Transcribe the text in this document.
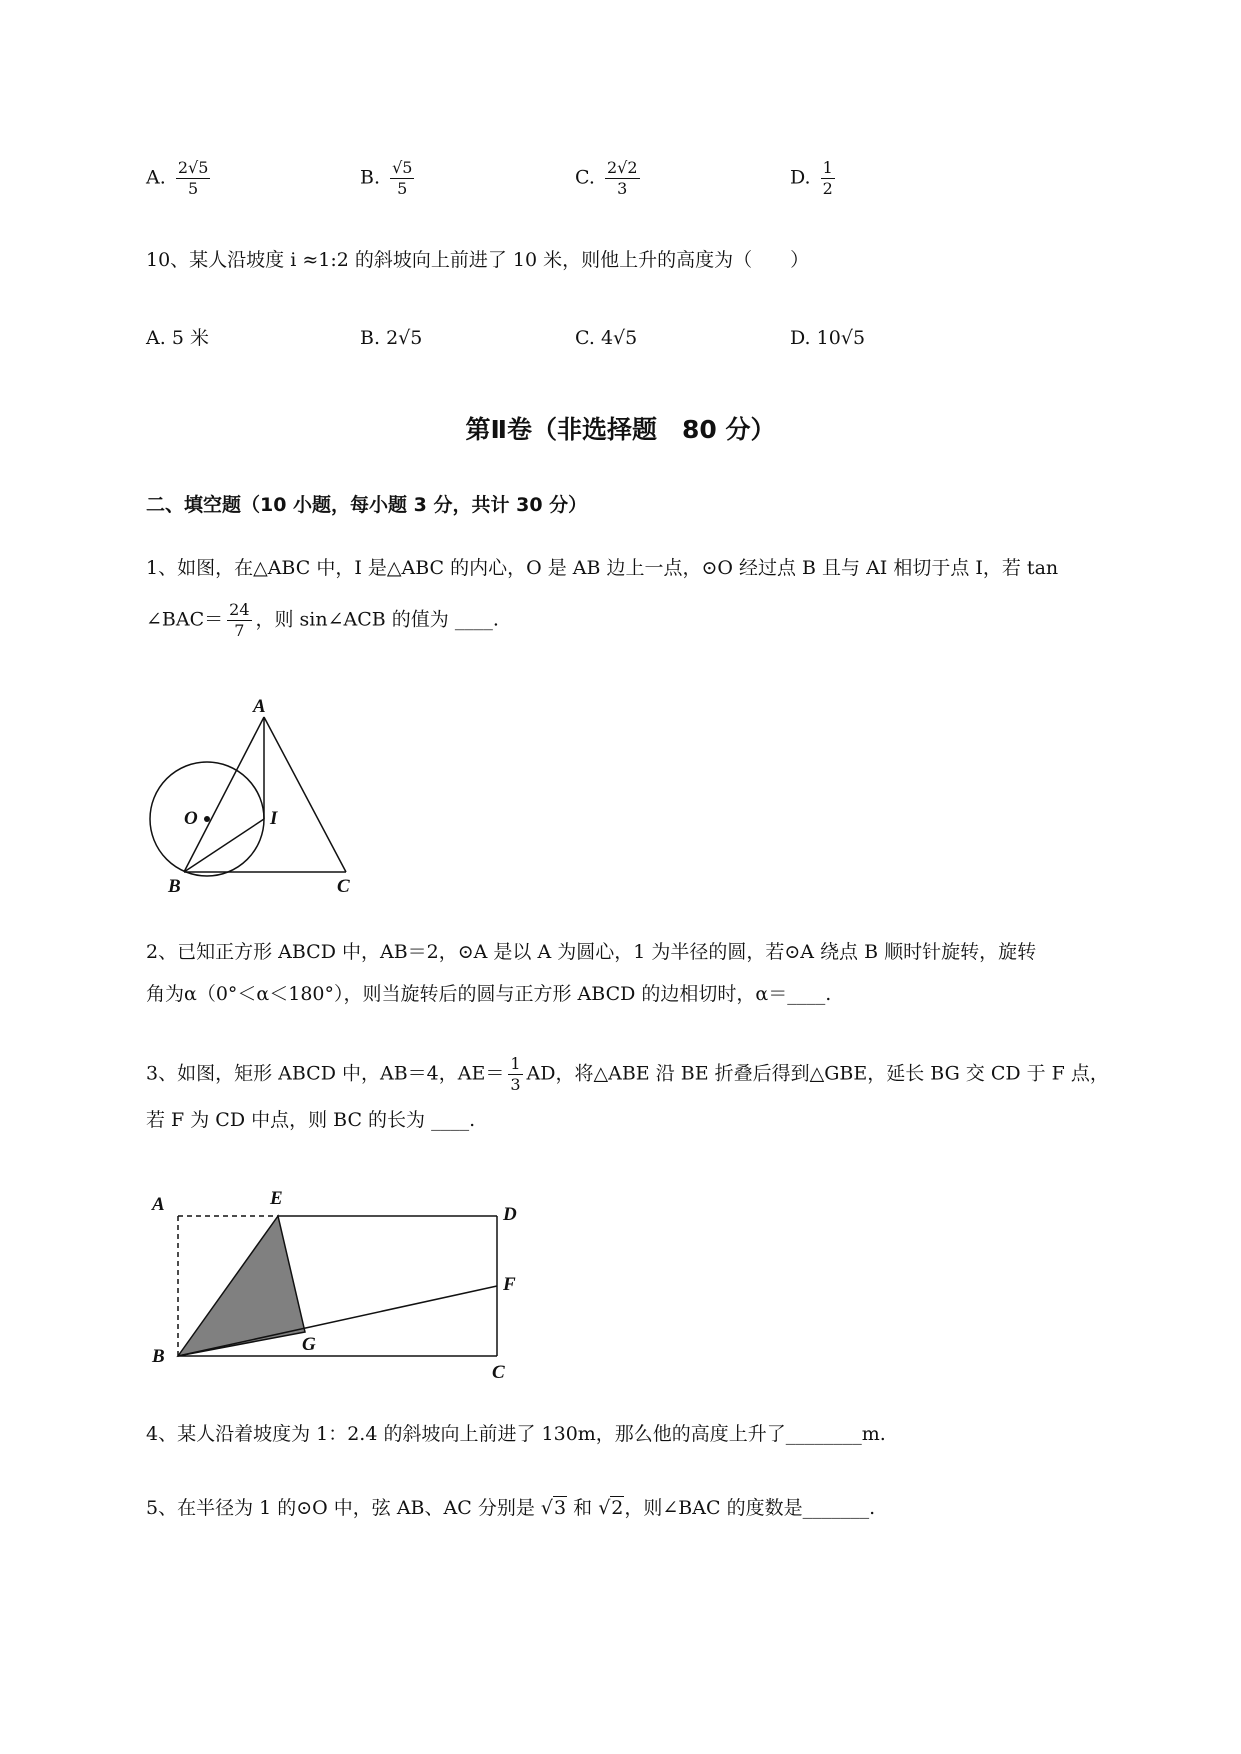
A. $\frac{2√5}{5}$	B. $\frac{√5}{5}$	C. $\frac{2√2}{3}$	D. $\frac{1}{2}$
10、某人沿坡度 i ≈1:2 的斜坡向上前进了 10 米，则他上升的高度为（　　）
A. 5 米	B. 2√5	C. 4√5	D. 10√5
第Ⅱ卷（非选择题　80 分）
二、填空题（10 小题，每小题 3 分，共计 30 分）
1、如图，在△ABC 中，I 是△ABC 的内心，O 是 AB 边上一点，⊙O 经过点 B 且与 AI 相切于点 I，若 tan
∠BAC＝ $\frac{24}{7}$ ，则 sin∠ACB 的值为 ____.
A
O	I
B	C
2、已知正方形 ABCD 中，AB＝2，⊙A 是以 A 为圆心，1 为半径的圆，若⊙A 绕点 B 顺时针旋转，旋转
角为α（0°＜α＜180°），则当旋转后的圆与正方形 ABCD 的边相切时，α＝____.
3、如图，矩形 ABCD 中，AB＝4，$AE= \frac{1}{3}$ AD，将△ABE 沿 BE 折叠后得到△GBE，延长 BG 交 CD 于 F 点，
若 F 为 CD 中点，则 BC 的长为 ____.
A	E
D
F
G
B
C
4、某人沿着坡度为 1：2.4 的斜坡向上前进了 130m，那么他的高度上升了________m.
5、在半径为 1 的⊙O 中，弦 AB、AC 分别是 √3 和 √2，则∠BAC 的度数是_______.
